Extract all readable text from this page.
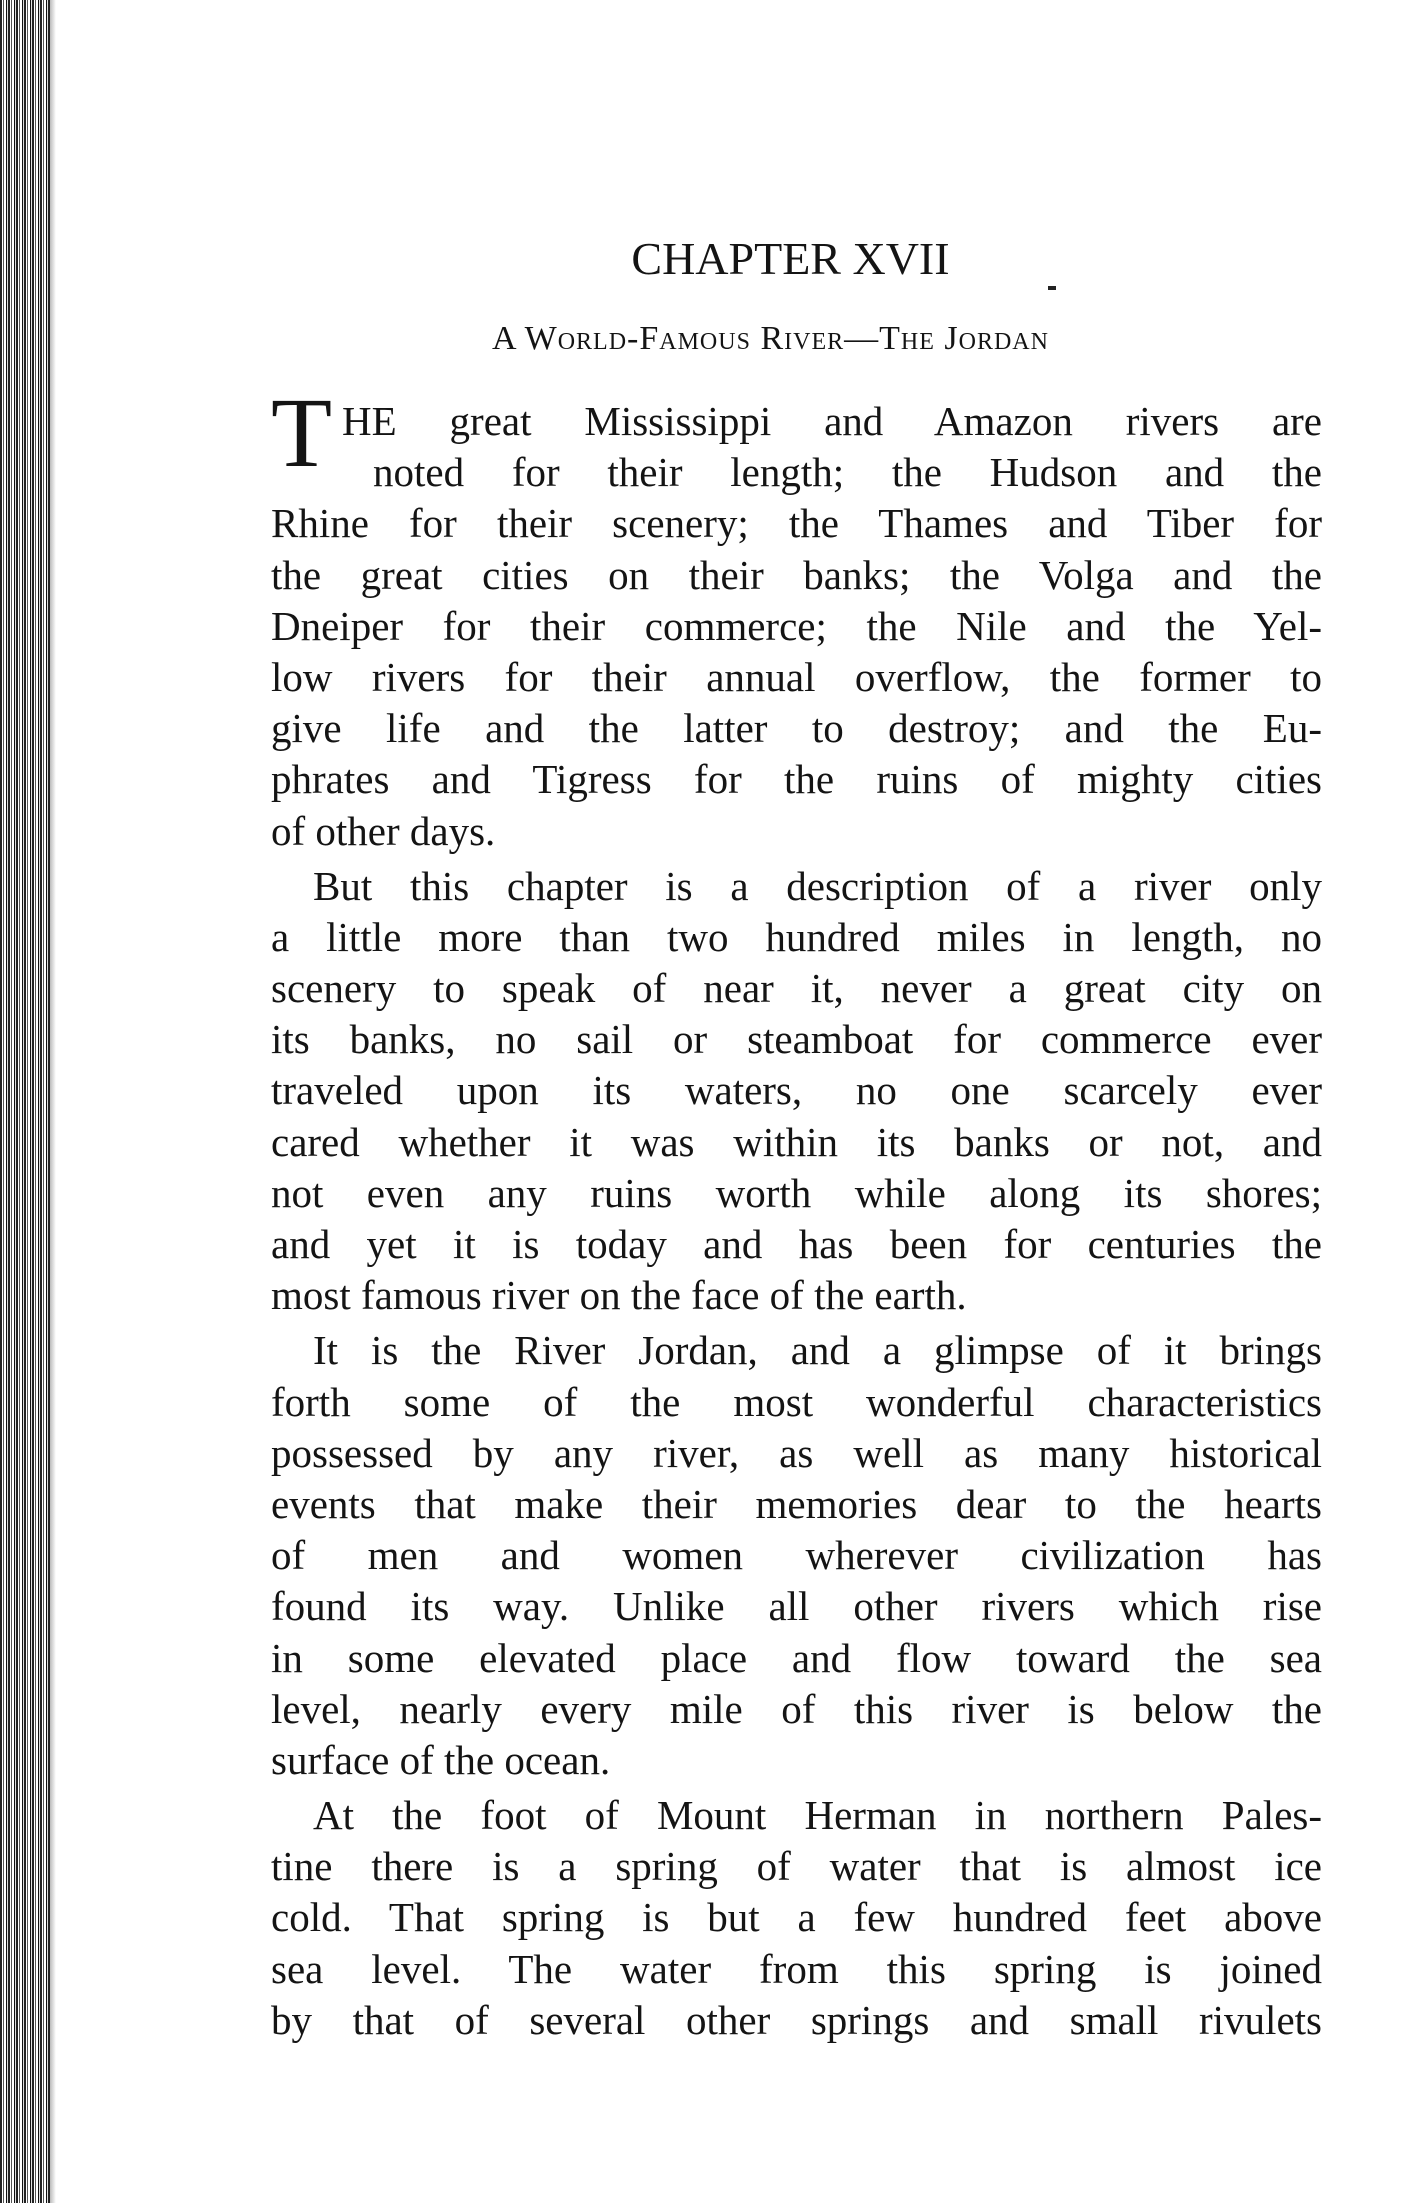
CHAPTER XVII
A World-Famous River—The Jordan
T HE great Mississippi and Amazon rivers are
noted for their length; the Hudson and the
Rhine for their scenery; the Thames and Tiber for
the great cities on their banks; the Volga and the
Dneiper for their commerce; the Nile and the Yel-
low rivers for their annual overflow, the former to
give life and the latter to destroy; and the Eu-
phrates and Tigress for the ruins of mighty cities
of other days.
But this chapter is a description of a river only
a little more than two hundred miles in length, no
scenery to speak of near it, never a great city on
its banks, no sail or steamboat for commerce ever
traveled upon its waters, no one scarcely ever
cared whether it was within its banks or not, and
not even any ruins worth while along its shores;
and yet it is today and has been for centuries the
most famous river on the face of the earth.
It is the River Jordan, and a glimpse of it brings
forth some of the most wonderful characteristics
possessed by any river, as well as many historical
events that make their memories dear to the hearts
of men and women wherever civilization has
found its way. Unlike all other rivers which rise
in some elevated place and flow toward the sea
level, nearly every mile of this river is below the
surface of the ocean.
At the foot of Mount Herman in northern Pales-
tine there is a spring of water that is almost ice
cold. That spring is but a few hundred feet above
sea level. The water from this spring is joined
by that of several other springs and small rivulets
